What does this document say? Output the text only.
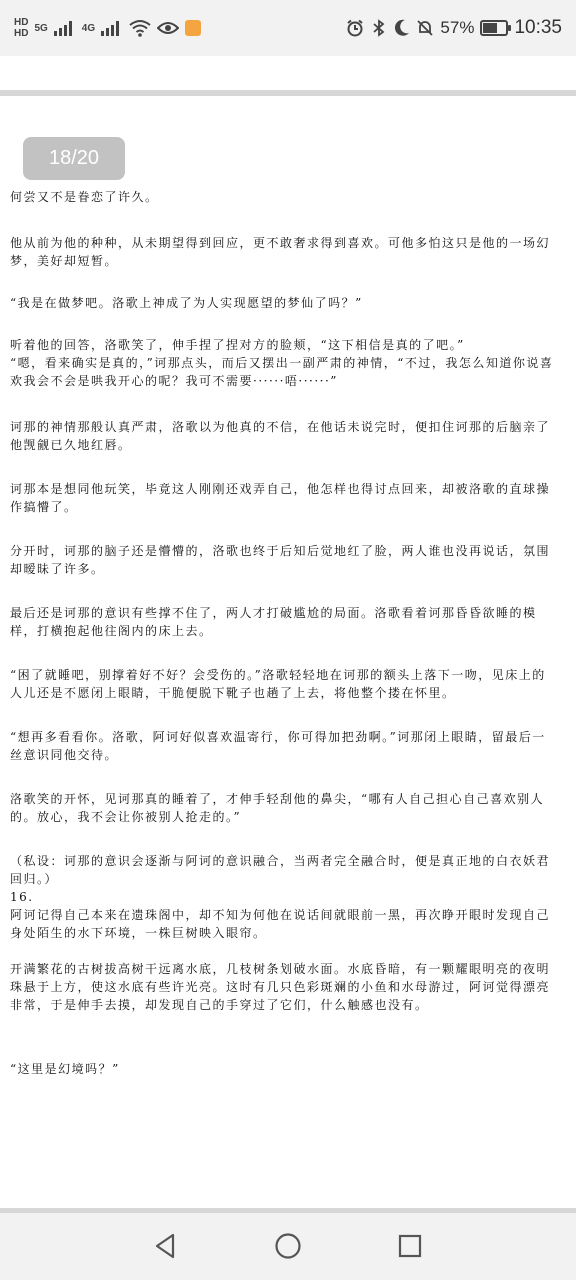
HD
HD 5G	4G	57% 10:35
18/20

何尝又不是眷恋了许久。

他从前为他的种种，从未期望得到回应，更不敢奢求得到喜欢。可他多怕这只是他的一场幻梦，美好却短暂。

“我是在做梦吧。洛歌上神成了为人实现愿望的梦仙了吗？”

听着他的回答，洛歌笑了，伸手捏了捏对方的脸颊，“这下相信是真的了吧。”
“嗯，看来确实是真的，”诃那点头，而后又摆出一副严肃的神情，“不过，我怎么知道你说喜欢我会不会是哄我开心的呢？我可不需要······唔······”

诃那的神情那般认真严肃，洛歌以为他真的不信，在他话未说完时，便扣住诃那的后脑亲了他觊觎已久地红唇。

诃那本是想同他玩笑，毕竟这人刚刚还戏弄自己，他怎样也得讨点回来，却被洛歌的直球操作搞懵了。

分开时，诃那的脑子还是懵懵的，洛歌也终于后知后觉地红了脸，两人谁也没再说话，氛围却暧昧了许多。

最后还是诃那的意识有些撑不住了，两人才打破尴尬的局面。洛歌看着诃那昏昏欲睡的模样，打横抱起他往阁内的床上去。

“困了就睡吧，别撑着好不好？会受伤的。”洛歌轻轻地在诃那的额头上落下一吻，见床上的人儿还是不愿闭上眼睛，干脆便脱下靴子也趟了上去，将他整个搂在怀里。

“想再多看看你。洛歌，阿诃好似喜欢温寄行，你可得加把劲啊。”诃那闭上眼睛，留最后一丝意识同他交待。

洛歌笑的开怀，见诃那真的睡着了，才伸手轻刮他的鼻尖，“哪有人自己担心自己喜欢别人的。放心，我不会让你被别人抢走的。”

（私设：诃那的意识会逐渐与阿诃的意识融合，当两者完全融合时，便是真正地的白衣妖君回归。）
16.
阿诃记得自己本来在遗珠阁中，却不知为何他在说话间就眼前一黑，再次睁开眼时发现自己身处陌生的水下环境，一株巨树映入眼帘。

开满繁花的古树拔高树干远离水底，几枝树条划破水面。水底昏暗，有一颗耀眼明亮的夜明珠悬于上方，使这水底有些许光亮。这时有几只色彩斑斓的小鱼和水母游过，阿诃觉得漂亮非常，于是伸手去摸，却发现自己的手穿过了它们，什么触感也没有。

“这里是幻境吗？”
